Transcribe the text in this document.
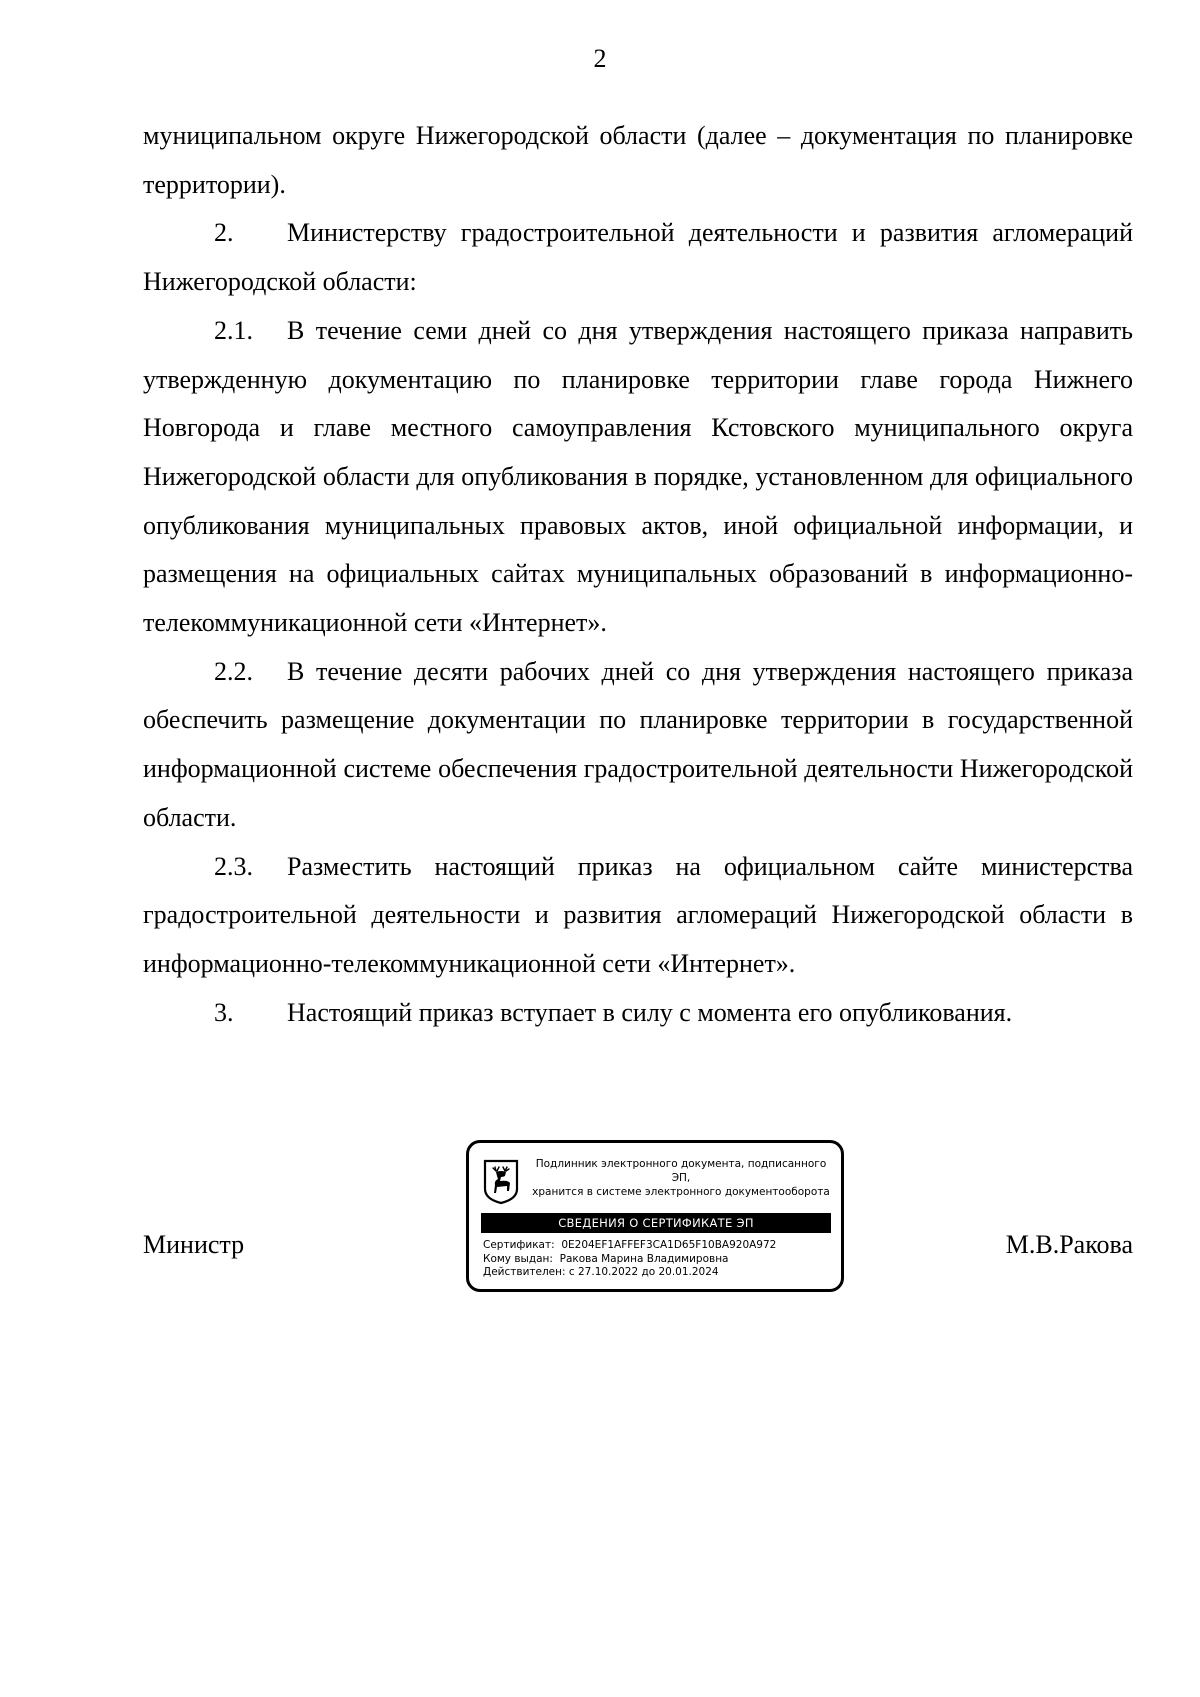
2

муниципальном округе Нижегородской области (далее – документация по планировке территории).

2. Министерству градостроительной деятельности и развития агломераций Нижегородской области:

2.1. В течение семи дней со дня утверждения настоящего приказа направить утвержденную документацию по планировке территории главе города Нижнего Новгорода и главе местного самоуправления Кстовского муниципального округа Нижегородской области для опубликования в порядке, установленном для официального опубликования муниципальных правовых актов, иной официальной информации, и размещения на официальных сайтах муниципальных образований в информационно-телекоммуникационной сети «Интернет».

2.2. В течение десяти рабочих дней со дня утверждения настоящего приказа обеспечить размещение документации по планировке территории в государственной информационной системе обеспечения градостроительной деятельности Нижегородской области.

2.3. Разместить настоящий приказ на официальном сайте министерства градостроительной деятельности и развития агломераций Нижегородской области в информационно-телекоммуникационной сети «Интернет».

3. Настоящий приказ вступает в силу с момента его опубликования.

Министр
Подлинник электронного документа, подписанного ЭП,
хранится в системе электронного документооборота
СВЕДЕНИЯ О СЕРТИФИКАТЕ ЭП
Сертификат: 0E204EF1AFFEF3CA1D65F10BA920A972
Кому выдан: Ракова Марина Владимировна
Действителен: с 27.10.2022 до 20.01.2024
М.В.Ракова
